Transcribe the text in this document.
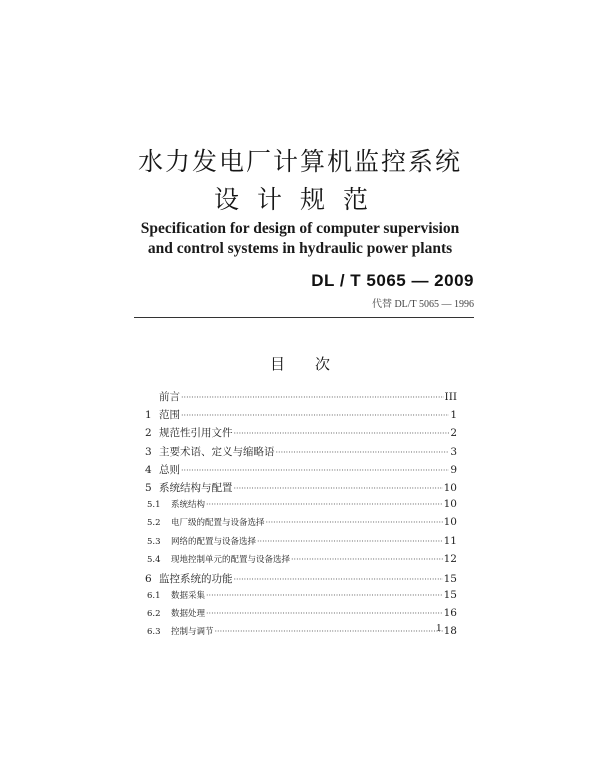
水力发电厂计算机监控系统
设计规范
Specification for design of computer supervision
and control systems in hydraulic power plants
DL / T 5065 — 2009
代替 DL/T 5065 — 1996
目次
前言 ·····	III
1 范围 ·····	1
2 规范性引用文件 ·····	2
3 主要术语、定义与缩略语 ·····	3
4 总则 ·····	9
5 系统结构与配置 ·····	10
5.1	系统结构 ·····	10
5.2	电厂级的配置与设备选择 ·····	10
5.3	网络的配置与设备选择 ·····	11
5.4	现地控制单元的配置与设备选择 ·····	12
6 监控系统的功能 ·····	15
6.1	数据采集 ·····	15
6.2	数据处理 ·····	16
6.3	控制与调节 ·····	18
1
